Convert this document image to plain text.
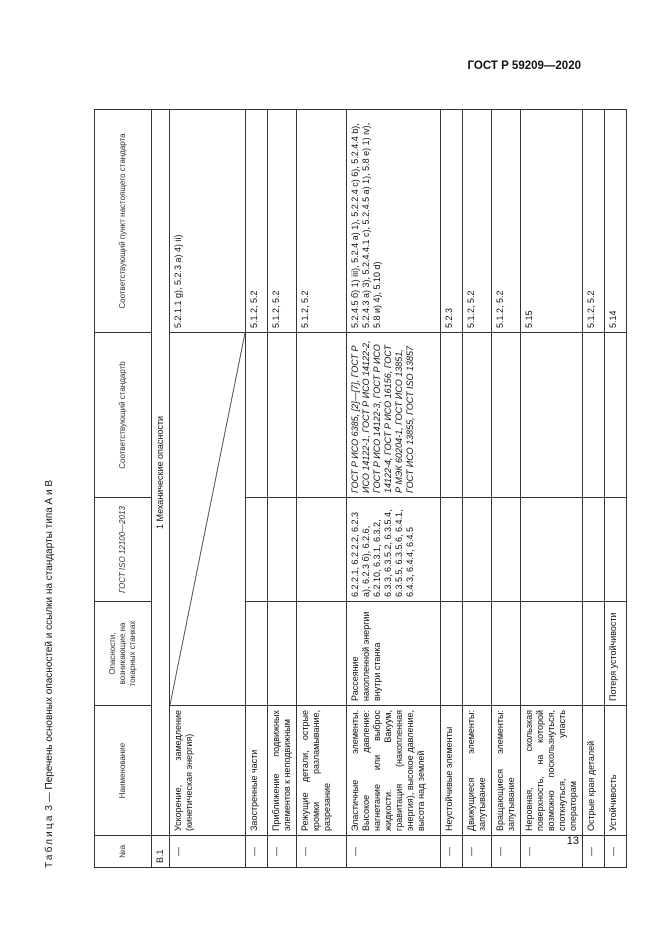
ГОСТ Р 59209—2020
Таблица 3 — Перечень основных опасностей и ссылки на стандарты типа А и В
№a	Наименование	Опасности, возникающие на токарных станках	ГОСТ ISO 12100—2013	Соответствующий стандартb	Соответствующий пункт настоящего стандарта
B.1	1 Механические опасности				
—	Ускорение, замедление (кинетическая энергия)				5.2.1.1 g), 5.2.3 a) 4) ii)
—	Заостренные части				5.1.2, 5.2
—	Приближение подвижных элементов к неподвижным				5.1.2, 5.2
—	Режущие детали, острые кромки разламывание, разрезание				5.1.2, 5.2
—	Эластичные элементы. Высокое давление: нагнетание или выброс жидкости. Вакуум, гравитация (накопленная энергия), высокое давление, высота над землей	Рассеяние накопленной энергии внутри станка	6.2.2.1, 6.2.2.2, 6.2.3 а), 6.2.3 б), 6.2.6, 6.2.10, 6.3.1, 6.3.2, 6.3.3, 6.3.5.2, 6.3.5.4, 6.3.5.5, 6.3.5.6, 6.4.1, 6.4.3, 6.4.4, 6.4.5	ГОСТ Р ИСО 6385, [2]—[7], ГОСТ Р ИСО 14122-1, ГОСТ Р ИСО 14122-2, ГОСТ Р ИСО 14122-3, ГОСТ Р ИСО 14122-4, ГОСТ Р ИСО 16156, ГОСТ Р МЭК 60204-1, ГОСТ ИСО 13851, ГОСТ ИСО 13855, ГОСТ ISO 13857	5.2.4.5 б) 1) iii), 5.2.4 a) 1), 5.2.2.4 c) 6), 5.2.4.4 b), 5.2.4.3 a) 3), 5.2.4.4.1 c), 5.2.4.5 a) 1), 5.8 e) 1) iv), 5.8 и) 4), 5.10 d)
—	Неустойчивые элементы				5.2.3
—	Движущиеся элементы: запутывание				5.1.2, 5.2
—	Вращающиеся элементы: запутывание				5.1.2, 5.2
—	Неровная, скользкая поверхность, на которой возможно поскользнуться, споткнуться, упасть операторам				5.15
—	Острые края деталей				5.1.2, 5.2
—	Устойчивость	Потеря устойчивости			5.14
13
